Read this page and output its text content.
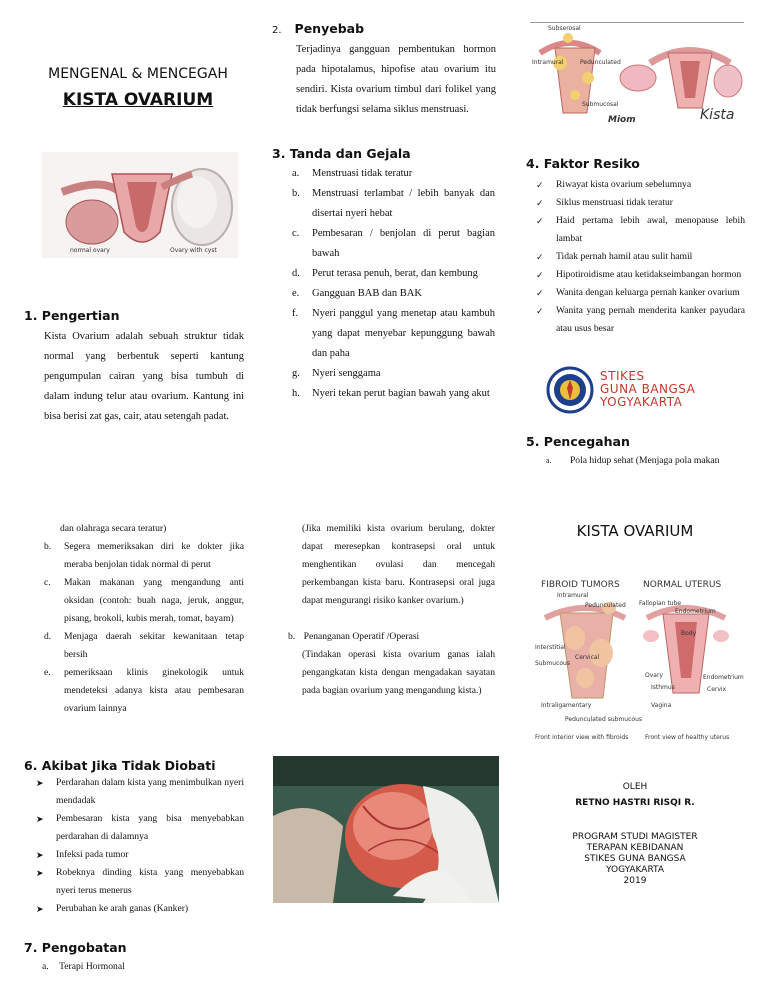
MENGENAL & MENCEGAH
KISTA OVARIUM
normal ovary	Ovary with cyst
1. Pengertian
Kista Ovarium adalah sebuah struktur tidak normal yang berbentuk seperti kantung pengumpulan cairan yang bisa tumbuh di dalam indung telur atau ovarium. Kantung ini bisa berisi zat gas, cair, atau setengah padat.
2. Penyebab
Terjadinya gangguan pembentukan hormon pada hipotalamus, hipofise atau ovarium itu sendiri. Kista ovarium timbul dari folikel yang tidak berfungsi selama siklus menstruasi.
3. Tanda dan Gejala
a. Menstruasi tidak teratur
b. Menstruasi terlambat / lebih banyak dan disertai nyeri hebat
c. Pembesaran / benjolan di perut bagian bawah
d. Perut terasa penuh, berat, dan kembung
e. Gangguan BAB dan BAK
f. Nyeri panggul yang menetap atau kambuh yang dapat menyebar kepunggung bawah dan paha
g. Nyeri senggama
h. Nyeri tekan perut bagian bawah yang akut
Subserosal
Intramural	Pedunculated
Submucosal
Miom	Kista
4. Faktor Resiko
✓ Riwayat kista ovarium sebelumnya
✓ Siklus menstruasi tidak teratur
✓ Haid pertama lebih awal, menopause lebih lambat
✓ Tidak pernah hamil atau sulit hamil
✓ Hipotiroidisme atau ketidakseimbangan hormon
✓ Wanita dengan keluarga pernah kanker ovarium
✓ Wanita yang pernah menderita kanker payudara atau usus besar
STIKES
GUNA BANGSA
YOGYAKARTA
5. Pencegahan
a. Pola hidup sehat (Menjaga pola makan
dan olahraga secara teratur)
b. Segera memeriksakan diri ke dokter jika meraba benjolan tidak normal di perut
c. Makan makanan yang mengandung anti oksidan (contoh: buah naga, jeruk, anggur, pisang, brokoli, kubis merah, tomat, bayam)
d. Menjaga daerah sekitar kewanitaan tetap bersih
e. pemeriksaan klinis ginekologik untuk mendeteksi adanya kista atau pembesaran ovarium lainnya
6. Akibat Jika Tidak Diobati
➤ Perdarahan dalam kista yang menimbulkan nyeri mendadak
➤ Pembesaran kista yang bisa menyebabkan perdarahan di dalamnya
➤ Infeksi pada tumor
➤ Robeknya dinding kista yang menyebabkan nyeri terus menerus
➤ Perubahan ke arah ganas (Kanker)
7. Pengobatan
a. Terapi Hormonal
(Jika memiliki kista ovarium berulang, dokter dapat meresepkan kontrasepsi oral untuk menghentikan ovulasi dan mencegah perkembangan kista baru. Kontrasepsi oral juga dapat mengurangi risiko kanker ovarium.)
b. Penanganan Operatif /Operasi
(Tindakan operasi kista ovarium ganas ialah pengangkatan kista dengan mengadakan sayatan pada bagian ovarium yang mengandung kista.)
KISTA OVARIUM
FIBROID TUMORS	NORMAL UTERUS
Intramural
Pedunculated
Interstitial
Submucous
Cervical
Intraligamentary
Pedunculated submucous
Fallopian tube
Endometrium
Body
Ovary
Isthmus	Cervix
Vagina
Endometrium
Front interior view with fibroids	Front view of healthy uterus
OLEH
RETNO HASTRI RISQI R.
PROGRAM STUDI MAGISTER
TERAPAN KEBIDANAN
STIKES GUNA BANGSA
YOGYAKARTA
2019
